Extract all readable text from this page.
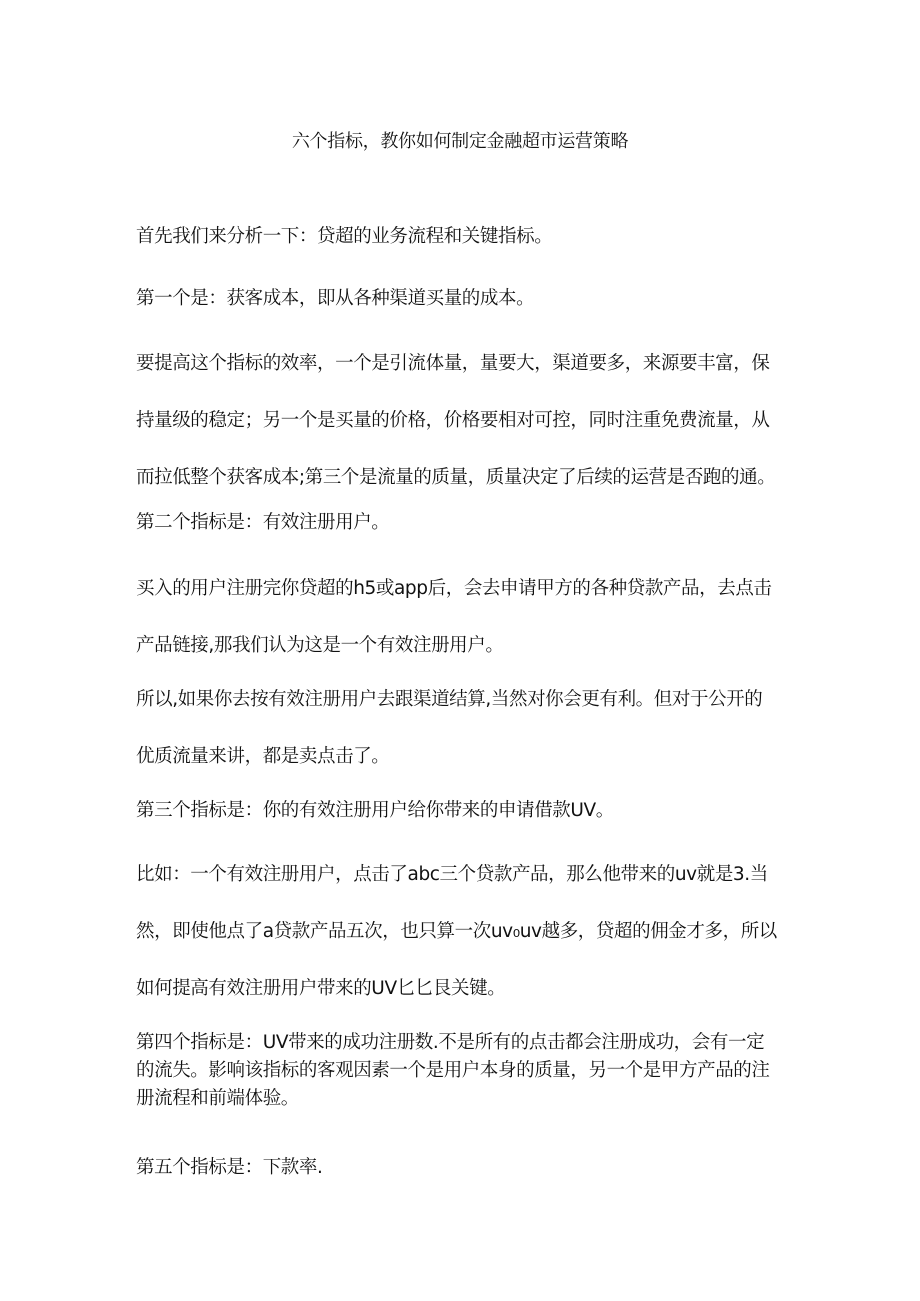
六个指标，教你如何制定金融超市运营策略

首先我们来分析一下：贷超的业务流程和关键指标。

第一个是：获客成本，即从各种渠道买量的成本。

要提高这个指标的效率，一个是引流体量，量要大，渠道要多，来源要丰富，保
持量级的稳定；另一个是买量的价格，价格要相对可控，同时注重免费流量，从
而拉低整个获客成本;第三个是流量的质量，质量决定了后续的运营是否跑的通。

第二个指标是：有效注册用户。

买入的用户注册完你贷超的h5或app后，会去申请甲方的各种贷款产品，去点击
产品链接,那我们认为这是一个有效注册用户。

所以,如果你去按有效注册用户去跟渠道结算,当然对你会更有利。但对于公开的
优质流量来讲，都是卖点击了。

第三个指标是：你的有效注册用户给你带来的申请借款UV。

比如：一个有效注册用户，点击了abc三个贷款产品，那么他带来的uv就是3.当
然，即使他点了a贷款产品五次，也只算一次uv₀uv越多，贷超的佣金才多，所以
如何提高有效注册用户带来的UV匕匕艮关键。

第四个指标是：UV带来的成功注册数.不是所有的点击都会注册成功，会有一定
的流失。影响该指标的客观因素一个是用户本身的质量，另一个是甲方产品的注
册流程和前端体验。

第五个指标是：下款率.
